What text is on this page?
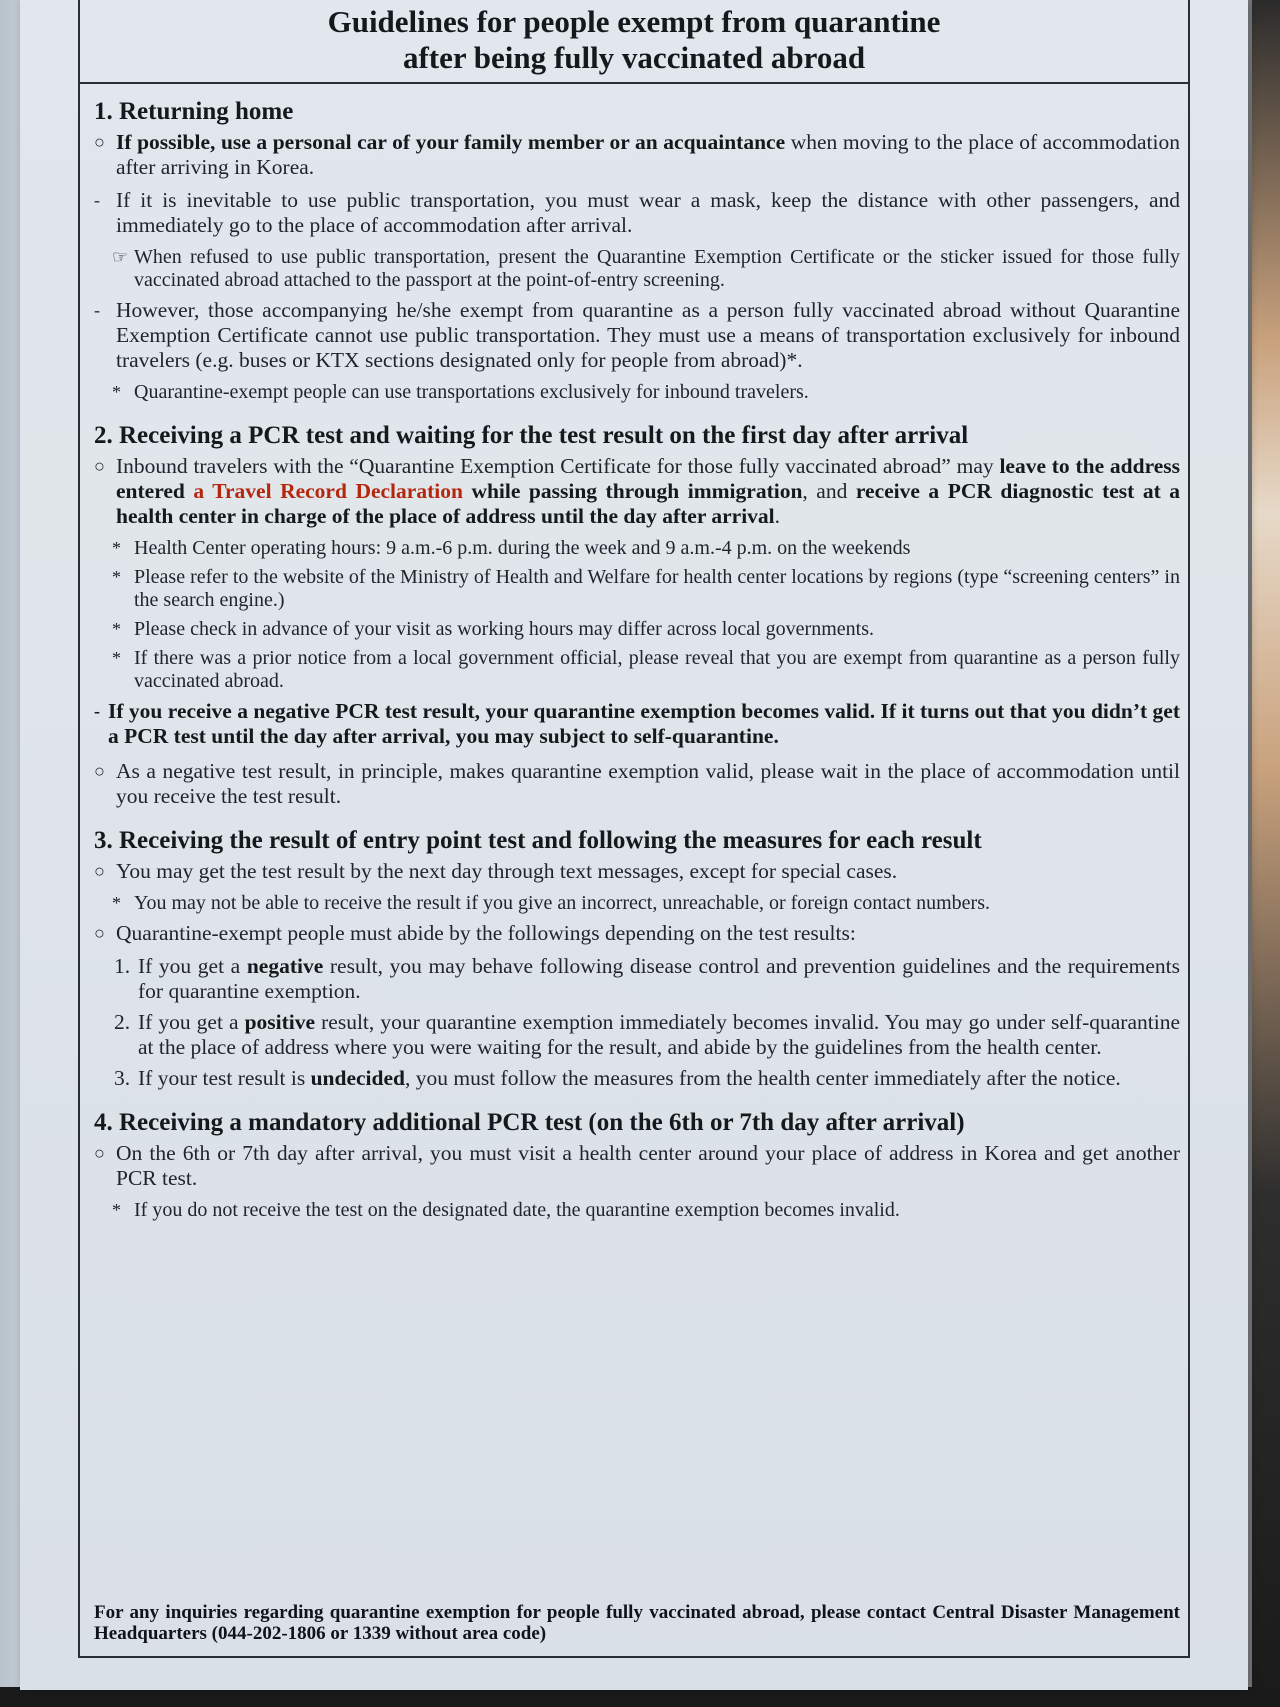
Guidelines for people exempt from quarantine
after being fully vaccinated abroad
1. Returning home
○ If possible, use a personal car of your family member or an acquaintance when moving to the place of accommodation after arriving in Korea.
- If it is inevitable to use public transportation, you must wear a mask, keep the distance with other passengers, and immediately go to the place of accommodation after arrival.
☞ When refused to use public transportation, present the Quarantine Exemption Certificate or the sticker issued for those fully vaccinated abroad attached to the passport at the point-of-entry screening.
- However, those accompanying he/she exempt from quarantine as a person fully vaccinated abroad without Quarantine Exemption Certificate cannot use public transportation. They must use a means of transportation exclusively for inbound travelers (e.g. buses or KTX sections designated only for people from abroad)*.
* Quarantine-exempt people can use transportations exclusively for inbound travelers.
2. Receiving a PCR test and waiting for the test result on the first day after arrival
○ Inbound travelers with the “Quarantine Exemption Certificate for those fully vaccinated abroad” may leave to the address entered a Travel Record Declaration while passing through immigration, and receive a PCR diagnostic test at a health center in charge of the place of address until the day after arrival.
* Health Center operating hours: 9 a.m.-6 p.m. during the week and 9 a.m.-4 p.m. on the weekends
* Please refer to the website of the Ministry of Health and Welfare for health center locations by regions (type “screening centers” in the search engine.)
* Please check in advance of your visit as working hours may differ across local governments.
* If there was a prior notice from a local government official, please reveal that you are exempt from quarantine as a person fully vaccinated abroad.
- If you receive a negative PCR test result, your quarantine exemption becomes valid. If it turns out that you didn’t get a PCR test until the day after arrival, you may subject to self-quarantine.
○ As a negative test result, in principle, makes quarantine exemption valid, please wait in the place of accommodation until you receive the test result.
3. Receiving the result of entry point test and following the measures for each result
○ You may get the test result by the next day through text messages, except for special cases.
* You may not be able to receive the result if you give an incorrect, unreachable, or foreign contact numbers.
○ Quarantine-exempt people must abide by the followings depending on the test results:
1. If you get a negative result, you may behave following disease control and prevention guidelines and the requirements for quarantine exemption.
2. If you get a positive result, your quarantine exemption immediately becomes invalid. You may go under self-quarantine at the place of address where you were waiting for the result, and abide by the guidelines from the health center.
3. If your test result is undecided, you must follow the measures from the health center immediately after the notice.
4. Receiving a mandatory additional PCR test (on the 6th or 7th day after arrival)
○ On the 6th or 7th day after arrival, you must visit a health center around your place of address in Korea and get another PCR test.
* If you do not receive the test on the designated date, the quarantine exemption becomes invalid.
For any inquiries regarding quarantine exemption for people fully vaccinated abroad, please contact Central Disaster Management Headquarters (044-202-1806 or 1339 without area code)
